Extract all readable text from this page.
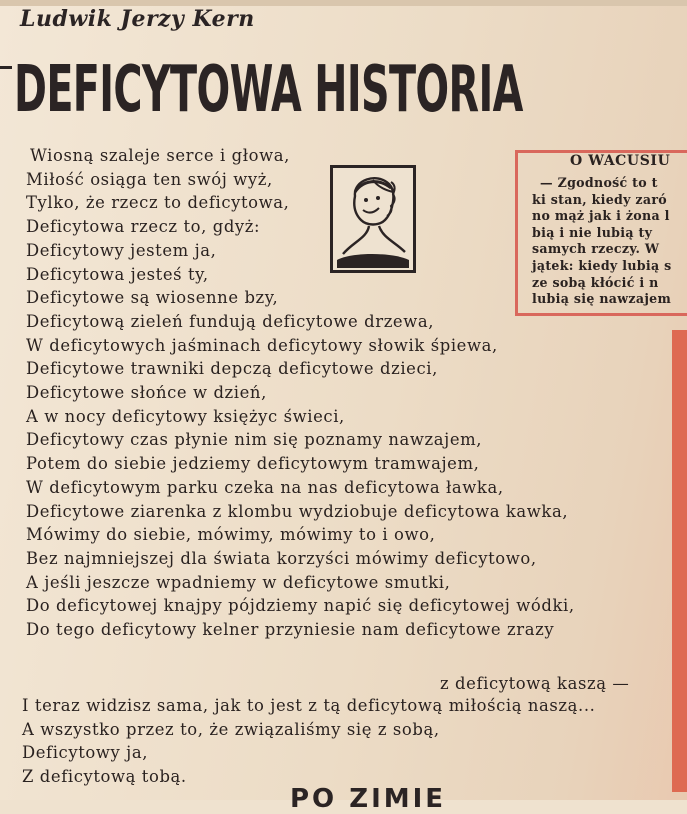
Ludwik Jerzy Kern
DEFICYTOWA HISTORIA
Wiosną szaleje serce i głowa,
Miłość osiąga ten swój wyż,
Tylko, że rzecz to deficytowa,
Deficytowa rzecz to, gdyż:
Deficytowy jestem ja,
Deficytowa jesteś ty,
Deficytowe są wiosenne bzy,
Deficytową zieleń fundują deficytowe drzewa,
W deficytowych jaśminach deficytowy słowik śpiewa,
Deficytowe trawniki depczą deficytowe dzieci,
Deficytowe słońce w dzień,
A w nocy deficytowy księżyc świeci,
Deficytowy czas płynie nim się poznamy nawzajem,
Potem do siebie jedziemy deficytowym tramwajem,
W deficytowym parku czeka na nas deficytowa ławka,
Deficytowe ziarenka z klombu wydziobuje deficytowa kawka,
Mówimy do siebie, mówimy, mówimy to i owo,
Bez najmniejszej dla świata korzyści mówimy deficytowo,
A jeśli jeszcze wpadniemy w deficytowe smutki,
Do deficytowej knajpy pójdziemy napić się deficytowej wódki,
Do tego deficytowy kelner przyniesie nam deficytowe zrazy
z deficytową kaszą —
I teraz widzisz sama, jak to jest z tą deficytową miłością naszą...
A wszystko przez to, że związaliśmy się z sobą,
Deficytowy ja,
Z deficytową tobą.
O WACUSIU
— Zgodność to t
ki stan, kiedy zaró
no mąż jak i żona l
bią i nie lubią ty
samych rzeczy. W
jątek: kiedy lubią s
ze sobą kłócić i n
lubią się nawzajem
PO ZIMIE
